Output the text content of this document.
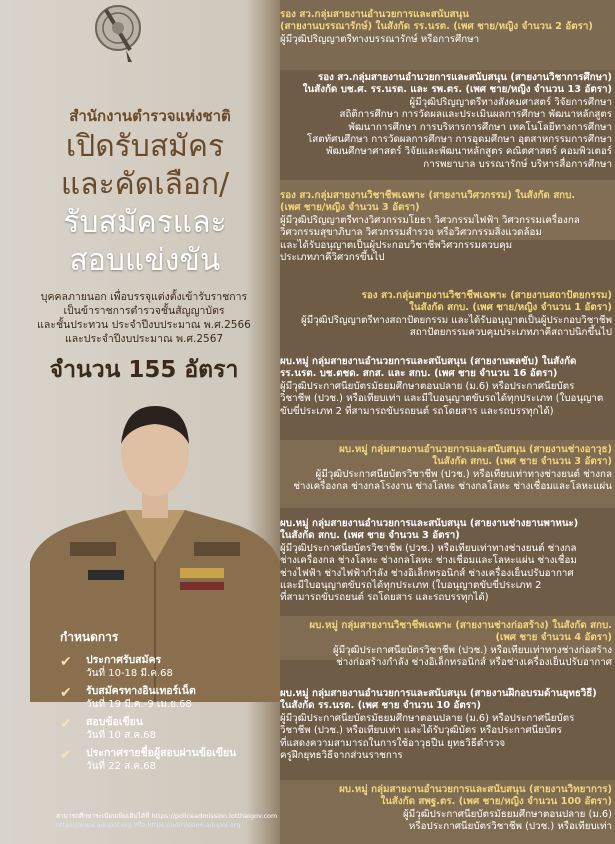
สำนักงานตำรวจแห่งชาติ
เปิดรับสมัคร
และคัดเลือก/
รับสมัครและ
สอบแข่งขัน
บุคคลภายนอก เพื่อบรรจุแต่งตั้งเข้ารับราชการ
เป็นข้าราชการตำรวจชั้นสัญญาบัตร
และชั้นประทวน ประจำปีงบประมาณ พ.ศ.2566
และประจำปีงบประมาณ พ.ศ.2567
จำนวน 155 อัตรา
กำหนดการ
✔ ประกาศรับสมัคร
วันที่ 10-18 มี.ค.68
✔ รับสมัครทางอินเทอร์เน็ต
วันที่ 19 มี.ค.-9 เม.ย.68
✔ สอบข้อเขียน
วันที่ 10 ส.ค.68
✔ ประกาศรายชื่อผู้สอบผ่านข้อเขียน
วันที่ 22 ส.ค.68
สามารถศึกษาระเบียบเพิ่มเติมได้ที่ https://policeadmission.lotthaigov.com
https://www.adupol.org หรือ https://admission.adupol.org
รอง สว.กลุ่มสายงานอำนวยการและสนับสนุน
(สายงานบรรณารักษ์) ในสังกัด รร.นรต. (เพศ ชาย/หญิง จำนวน 2 อัตรา)
ผู้มีวุฒิปริญญาตรีทางบรรณารักษ์ หรือการศึกษา
รอง สว.กลุ่มสายงานอำนวยการและสนับสนุน (สายงานวิชาการศึกษา)
ในสังกัด บช.ศ. รร.นรต. และ รพ.ตร. (เพศ ชาย/หญิง จำนวน 13 อัตรา)
ผู้มีวุฒิปริญญาตรีทางสังคมศาสตร์ วิจัยการศึกษา
สถิติการศึกษา การวัดผลและประเมินผลการศึกษา พัฒนาหลักสูตร
พัฒนาการศึกษา การบริหารการศึกษา เทคโนโลยีทางการศึกษา
โสตทัศนศึกษา การวัดผลการศึกษา การอุดมศึกษา อุตสาหกรรมการศึกษา
พัฒนศึกษาศาสตร์ วิจัยและพัฒนาหลักสูตร คณิตศาสตร์ คอมพิวเตอร์
การพยาบาล บรรณารักษ์ บริหารสื่อการศึกษา
รอง สว.กลุ่มสายงานวิชาชีพเฉพาะ (สายงานวิศวกรรม) ในสังกัด สกบ.
(เพศ ชาย/หญิง จำนวน 3 อัตรา)
ผู้มีวุฒิปริญญาตรีทางวิศวกรรมโยธา วิศวกรรมไฟฟ้า วิศวกรรมเครื่องกล
วิศวกรรมสุขาภิบาล วิศวกรรมสำรวจ หรือวิศวกรรมสิ่งแวดล้อม
และได้รับอนุญาตเป็นผู้ประกอบวิชาชีพวิศวกรรมควบคุม
ประเภทภาคีวิศวกรขึ้นไป
รอง สว.กลุ่มสายงานวิชาชีพเฉพาะ (สายงานสถาปัตยกรรม)
ในสังกัด สกบ. (เพศ ชาย/หญิง จำนวน 1 อัตรา)
ผู้มีวุฒิปริญญาตรีทางสถาปัตยกรรม และได้รับอนุญาตเป็นผู้ประกอบวิชาชีพ
สถาปัตยกรรมควบคุมประเภทภาคีสถาปนิกขึ้นไป
ผบ.หมู่ กลุ่มสายงานอำนวยการและสนับสนุน (สายงานพลขับ) ในสังกัด
รร.นรต. บช.ตชด. สกส. และ สกบ. (เพศ ชาย จำนวน 16 อัตรา)
ผู้มีวุฒิประกาศนียบัตรมัธยมศึกษาตอนปลาย (ม.6) หรือประกาศนียบัตร
วิชาชีพ (ปวช.) หรือเทียบเท่า และมีใบอนุญาตขับรถได้ทุกประเภท (ใบอนุญาต
ขับขี่ประเภท 2 ที่สามารถขับรถยนต์ รถโดยสาร และรถบรรทุกได้)
ผบ.หมู่ กลุ่มสายงานอำนวยการและสนับสนุน (สายงานช่างอาวุธ)
ในสังกัด สกบ. (เพศ ชาย จำนวน 3 อัตรา)
ผู้มีวุฒิประกาศนียบัตรวิชาชีพ (ปวช.) หรือเทียบเท่าทางช่างยนต์ ช่างกล
ช่างเครื่องกล ช่างกลโรงงาน ช่างโลหะ ช่างกลโลหะ ช่างเชื่อมและโลหะแผ่น
ผบ.หมู่ กลุ่มสายงานอำนวยการและสนับสนุน (สายงานช่างยานพาหนะ)
ในสังกัด สกบ. (เพศ ชาย จำนวน 3 อัตรา)
ผู้มีวุฒิประกาศนียบัตรวิชาชีพ (ปวช.) หรือเทียบเท่าทางช่างยนต์ ช่างกล
ช่างเครื่องกล ช่างโลหะ ช่างกลโลหะ ช่างเชื่อมและโลหะแผ่น ช่างเชื่อม
ช่างไฟฟ้า ช่างไฟฟ้ากำลัง ช่างอิเล็กทรอนิกส์ ช่างเครื่องเย็นปรับอากาศ
และมีใบอนุญาตขับรถได้ทุกประเภท (ใบอนุญาตขับขี่ประเภท 2
ที่สามารถขับรถยนต์ รถโดยสาร และรถบรรทุกได้)
ผบ.หมู่ กลุ่มสายงานวิชาชีพเฉพาะ (สายงานช่างก่อสร้าง) ในสังกัด สกบ.
(เพศ ชาย จำนวน 4 อัตรา)
ผู้มีวุฒิประกาศนียบัตรวิชาชีพ (ปวช.) หรือเทียบเท่าทางช่างก่อสร้าง
ช่างก่อสร้างกำลัง ช่างอิเล็กทรอนิกส์ หรือช่างเครื่องเย็นปรับอากาศ
ผบ.หมู่ กลุ่มสายงานอำนวยการและสนับสนุน (สายงานฝึกอบรมด้านยุทธวิธี)
ในสังกัด รร.นรต. (เพศ ชาย จำนวน 10 อัตรา)
ผู้มีวุฒิประกาศนียบัตรมัธยมศึกษาตอนปลาย (ม.6) หรือประกาศนียบัตร
วิชาชีพ (ปวช.) หรือเทียบเท่า และได้รับวุฒิบัตร หรือประกาศนียบัตร
ที่แสดงความสามารถในการใช้อาวุธปืน ยุทธวิธีตำรวจ
ครูฝึกยุทธวิธีจากส่วนราชการ
ผบ.หมู่ กลุ่มสายงานอำนวยการและสนับสนุน (สายงานวิทยาการ)
ในสังกัด สพฐ.ตร. (เพศ ชาย/หญิง จำนวน 100 อัตรา)
ผู้มีวุฒิประกาศนียบัตรมัธยมศึกษาตอนปลาย (ม.6)
หรือประกาศนียบัตรวิชาชีพ (ปวช.) หรือเทียบเท่า
